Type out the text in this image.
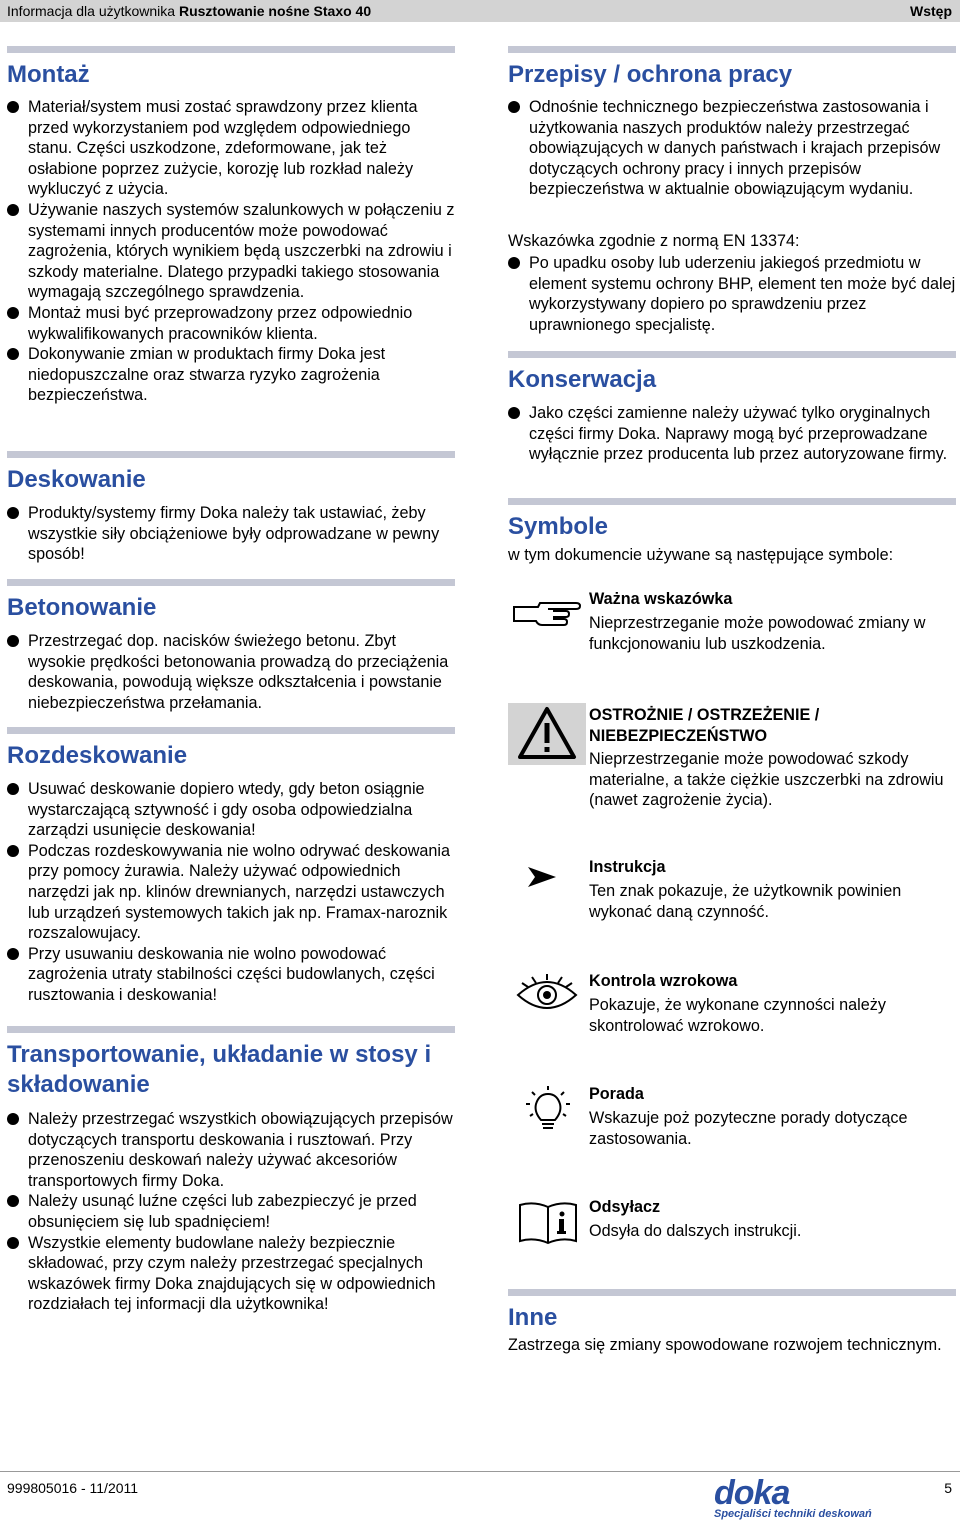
Informacja dla użytkownika Rusztowanie nośne Staxo 40	Wstęp
Montaż
Materiał/system musi zostać sprawdzony przez klienta przed wykorzystaniem pod względem odpowiedniego stanu. Części uszkodzone, zdeformowane, jak też osłabione poprzez zużycie, korozję lub rozkład należy wykluczyć z użycia.
Używanie naszych systemów szalunkowych w połączeniu z systemami innych producentów może powodować zagrożenia, których wynikiem będą uszczerbki na zdrowiu i szkody materialne. Dlatego przypadki takiego stosowania wymagają szczególnego sprawdzenia.
Montaż musi być przeprowadzony przez odpowiednio wykwalifikowanych pracowników klienta.
Dokonywanie zmian w produktach firmy Doka jest niedopuszczalne oraz stwarza ryzyko zagrożenia bezpieczeństwa.
Deskowanie
Produkty/systemy firmy Doka należy tak ustawiać, żeby wszystkie siły obciążeniowe były odprowadzane w pewny sposób!
Betonowanie
Przestrzegać dop. nacisków świeżego betonu. Zbyt wysokie prędkości betonowania prowadzą do przeciążenia deskowania, powodują większe odkształcenia i powstanie niebezpieczeństwa przełamania.
Rozdeskowanie
Usuwać deskowanie dopiero wtedy, gdy beton osiągnie wystarczającą sztywność i gdy osoba odpowiedzialna zarządzi usunięcie deskowania!
Podczas rozdeskowywania nie wolno odrywać deskowania przy pomocy żurawia. Należy używać odpowiednich narzędzi jak np. klinów drewnianych, narzędzi ustawczych lub urządzeń systemowych takich jak np. Framax-naroznik rozszalowujacy.
Przy usuwaniu deskowania nie wolno powodować zagrożenia utraty stabilności części budowlanych, części rusztowania i deskowania!
Transportowanie, układanie w stosy i składowanie
Należy przestrzegać wszystkich obowiązujących przepisów dotyczących transportu deskowania i rusztowań. Przy przenoszeniu deskowań należy używać akcesoriów transportowych firmy Doka.
Należy usunąć luźne części lub zabezpieczyć je przed obsunięciem się lub spadnięciem!
Wszystkie elementy budowlane należy bezpiecznie składować, przy czym należy przestrzegać specjalnych wskazówek firmy Doka znajdujących się w odpowiednich rozdziałach tej informacji dla użytkownika!
Przepisy / ochrona pracy
Odnośnie technicznego bezpieczeństwa zastosowania i użytkowania naszych produktów należy przestrzegać obowiązujących w danych państwach i krajach przepisów dotyczących ochrony pracy i innych przepisów bezpieczeństwa w aktualnie obowiązującym wydaniu.
Wskazówka zgodnie z normą EN 13374:
Po upadku osoby lub uderzeniu jakiegoś przedmiotu w element systemu ochrony BHP, element ten może być dalej wykorzystywany dopiero po sprawdzeniu przez uprawnionego specjalistę.
Konserwacja
Jako części zamienne należy używać tylko oryginalnych części firmy Doka. Naprawy mogą być przeprowadzane wyłącznie przez producenta lub przez autoryzowane firmy.
Symbole
w tym dokumencie używane są następujące symbole:
Ważna wskazówka
Nieprzestrzeganie może powodować zmiany w funkcjonowaniu lub uszkodzenia.
OSTROŻNIE / OSTRZEŻENIE / NIEBEZPIECZEŃSTWO
Nieprzestrzeganie może powodować szkody materialne, a także ciężkie uszczerbki na zdrowiu (nawet zagrożenie życia).
Instrukcja
Ten znak pokazuje, że użytkownik powinien wykonać daną czynność.
Kontrola wzrokowa
Pokazuje, że wykonane czynności należy skontrolować wzrokowo.
Porada
Wskazuje poż pozyteczne porady dotyczące zastosowania.
Odsyłacz
Odsyła do dalszych instrukcji.
Inne
Zastrzega się zmiany spowodowane rozwojem technicznym.
999805016 - 11/2011	doka
Specjaliści techniki deskowań
5
